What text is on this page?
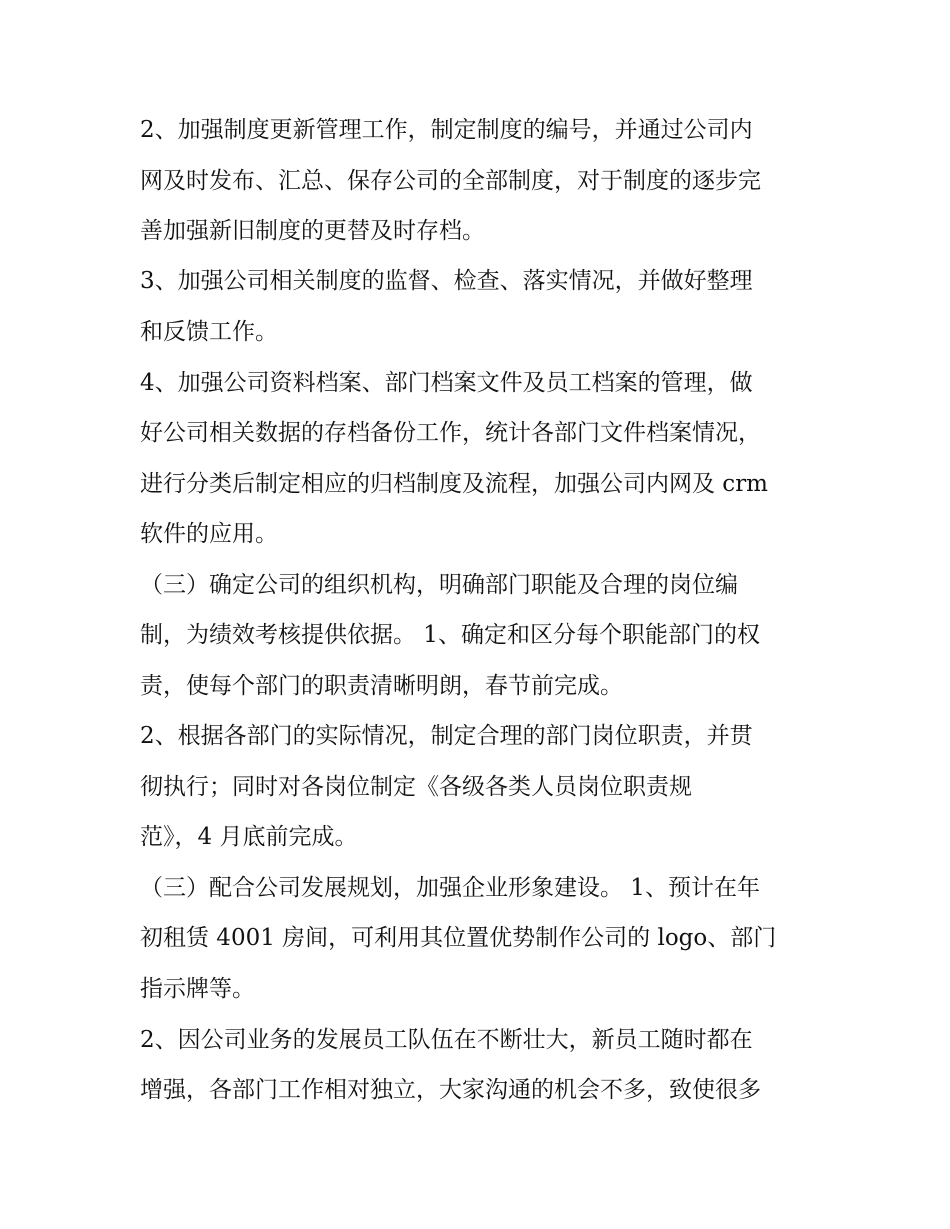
2、加强制度更新管理工作，制定制度的编号，并通过公司内
网及时发布、汇总、保存公司的全部制度，对于制度的逐步完
善加强新旧制度的更替及时存档。
3、加强公司相关制度的监督、检查、落实情况，并做好整理
和反馈工作。
4、加强公司资料档案、部门档案文件及员工档案的管理，做
好公司相关数据的存档备份工作，统计各部门文件档案情况，
进行分类后制定相应的归档制度及流程，加强公司内网及 crm
软件的应用。
（三）确定公司的组织机构，明确部门职能及合理的岗位编
制，为绩效考核提供依据。 1、确定和区分每个职能部门的权
责，使每个部门的职责清晰明朗，春节前完成。
2、根据各部门的实际情况，制定合理的部门岗位职责，并贯
彻执行；同时对各岗位制定《各级各类人员岗位职责规
范》，4 月底前完成。
（三）配合公司发展规划，加强企业形象建设。 1、预计在年
初租赁 4001 房间，可利用其位置优势制作公司的 logo、部门
指示牌等。
2、因公司业务的发展员工队伍在不断壮大，新员工随时都在
增强，各部门工作相对独立，大家沟通的机会不多，致使很多
